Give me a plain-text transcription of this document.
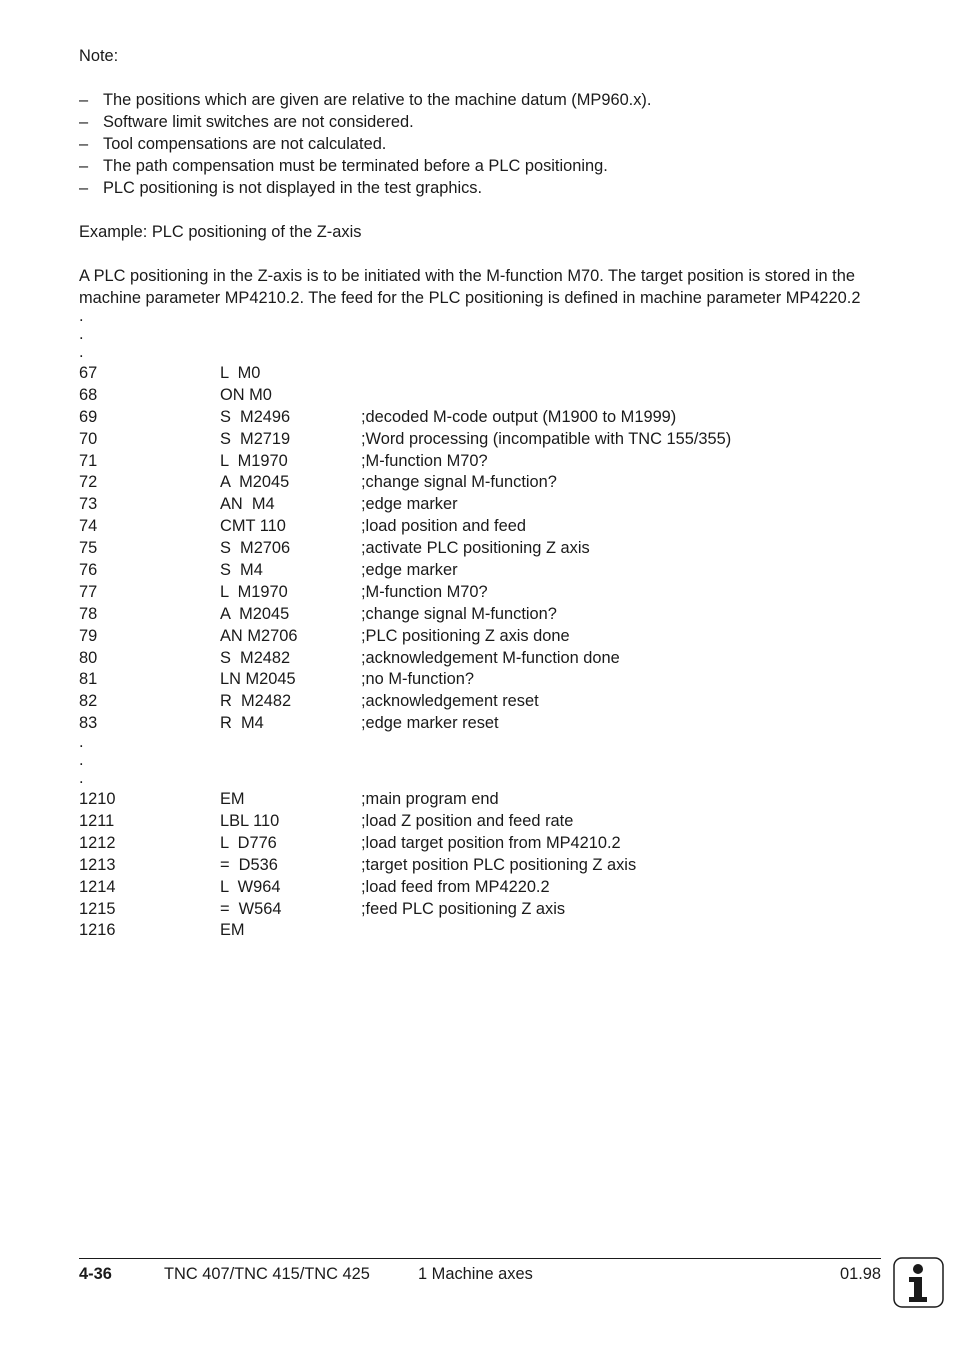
Note:

– The positions which are given are relative to the machine datum (MP960.x).
– Software limit switches are not considered.
– Tool compensations are not calculated.
– The path compensation must be terminated before a PLC positioning.
– PLC positioning is not displayed in the test graphics.

Example: PLC positioning of the Z-axis

A PLC positioning in the Z-axis is to be initiated with the M-function M70. The target position is stored in the machine parameter MP4210.2. The feed for the PLC positioning is defined in machine parameter MP4220.2

.
.
.
67	L  M0
68	ON M0
69	S  M2496	;decoded M-code output (M1900 to M1999)
70	S  M2719	;Word processing (incompatible with TNC 155/355)
71	L  M1970	;M-function M70?
72	A  M2045	;change signal M-function?
73	AN  M4	;edge marker
74	CMT 110	;load position and feed
75	S  M2706	;activate PLC positioning Z axis
76	S  M4	;edge marker
77	L  M1970	;M-function M70?
78	A  M2045	;change signal M-function?
79	AN M2706	;PLC positioning Z axis done
80	S  M2482	;acknowledgement M-function done
81	LN M2045	;no M-function?
82	R  M2482	;acknowledgement reset
83	R  M4	;edge marker reset
.
.
.
1210	EM	;main program end
1211	LBL 110	;load Z position and feed rate
1212	L  D776	;load target position from MP4210.2
1213	=  D536	;target position PLC positioning Z axis
1214	L  W964	;load feed from MP4220.2
1215	=  W564	;feed PLC positioning Z axis
1216	EM
4-36	TNC 407/TNC 415/TNC 425	1 Machine axes	01.98
